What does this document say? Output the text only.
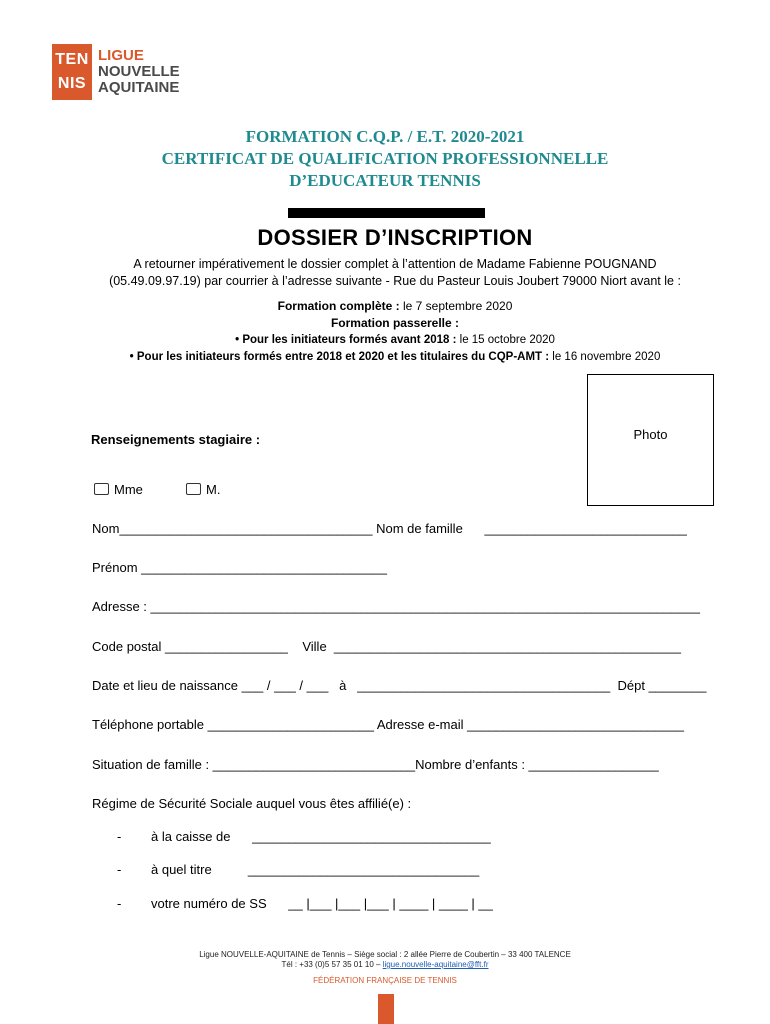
TEN
NIS
LIGUE
NOUVELLE
AQUITAINE
FORMATION C.Q.P. / E.T. 2020-2021
CERTIFICAT DE QUALIFICATION PROFESSIONNELLE
D’EDUCATEUR TENNIS
DOSSIER D’INSCRIPTION
A retourner impérativement le dossier complet à l’attention de Madame Fabienne POUGNAND
(05.49.09.97.19) par courrier à l’adresse suivante - Rue du Pasteur Louis Joubert 79000 Niort avant le :
Formation complète : le 7 septembre 2020
Formation passerelle :
• Pour les initiateurs formés avant 2018 : le 15 octobre 2020
• Pour les initiateurs formés entre 2018 et 2020 et les titulaires du CQP-AMT : le 16 novembre 2020
Photo
Renseignements stagiaire :
Mme	M.
Nom___________________________________ Nom de famille      ____________________________
Prénom __________________________________
Adresse : ____________________________________________________________________________
Code postal _________________    Ville  ________________________________________________
Date et lieu de naissance ___ / ___ / ___   à   ___________________________________  Dépt ________
Téléphone portable _______________________ Adresse e-mail ______________________________
Situation de famille : ____________________________Nombre d’enfants : __________________
Régime de Sécurité Sociale auquel vous êtes affilié(e) :
- à la caisse de      _________________________________
- à quel titre          ________________________________
- votre numéro de SS      __ |___ |___ |___ | ____ | ____ | __
Ligue NOUVELLE-AQUITAINE de Tennis – Siège social : 2 allée Pierre de Coubertin – 33 400 TALENCE
Tél : +33 (0)5 57 35 01 10 – ligue.nouvelle-aquitaine@fft.fr
FÉDÉRATION FRANÇAISE DE TENNIS
